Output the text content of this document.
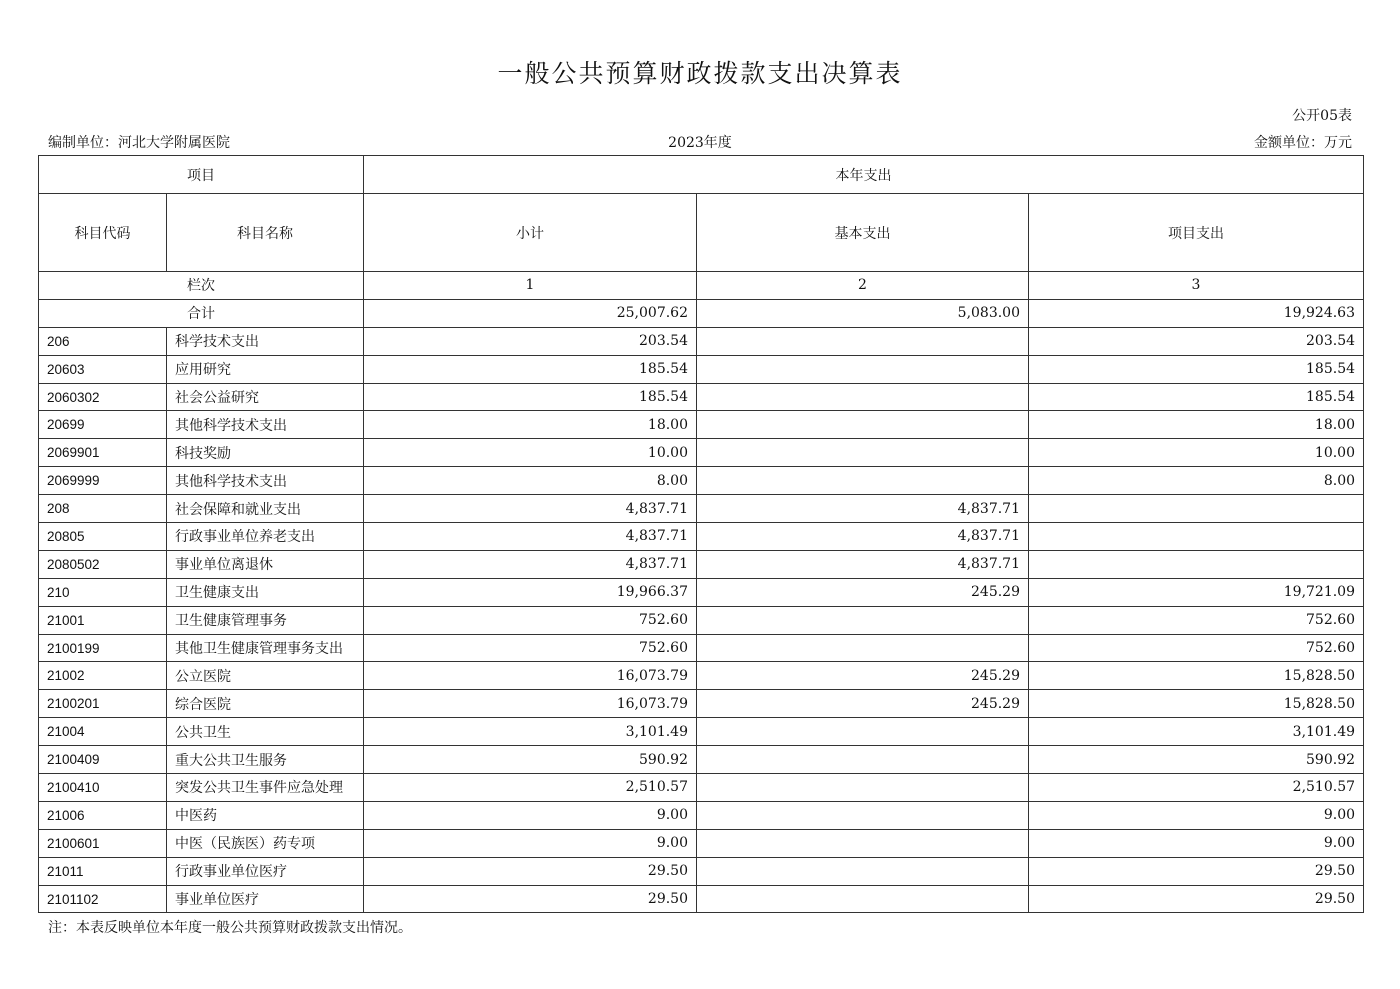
一般公共预算财政拨款支出决算表
公开05表
编制单位：河北大学附属医院	2023年度	金额单位：万元
项目		本年支出		
科目代码	科目名称	小计	基本支出	项目支出
栏次		1	2	3
合计		25,007.62	5,083.00	19,924.63
206	科学技术支出	203.54		203.54
20603	应用研究	185.54		185.54
2060302	社会公益研究	185.54		185.54
20699	其他科学技术支出	18.00		18.00
2069901	科技奖励	10.00		10.00
2069999	其他科学技术支出	8.00		8.00
208	社会保障和就业支出	4,837.71	4,837.71	
20805	行政事业单位养老支出	4,837.71	4,837.71	
2080502	事业单位离退休	4,837.71	4,837.71	
210	卫生健康支出	19,966.37	245.29	19,721.09
21001	卫生健康管理事务	752.60		752.60
2100199	其他卫生健康管理事务支出	752.60		752.60
21002	公立医院	16,073.79	245.29	15,828.50
2100201	综合医院	16,073.79	245.29	15,828.50
21004	公共卫生	3,101.49		3,101.49
2100409	重大公共卫生服务	590.92		590.92
2100410	突发公共卫生事件应急处理	2,510.57		2,510.57
21006	中医药	9.00		9.00
2100601	中医（民族医）药专项	9.00		9.00
21011	行政事业单位医疗	29.50		29.50
2101102	事业单位医疗	29.50		29.50
注：本表反映单位本年度一般公共预算财政拨款支出情况。
